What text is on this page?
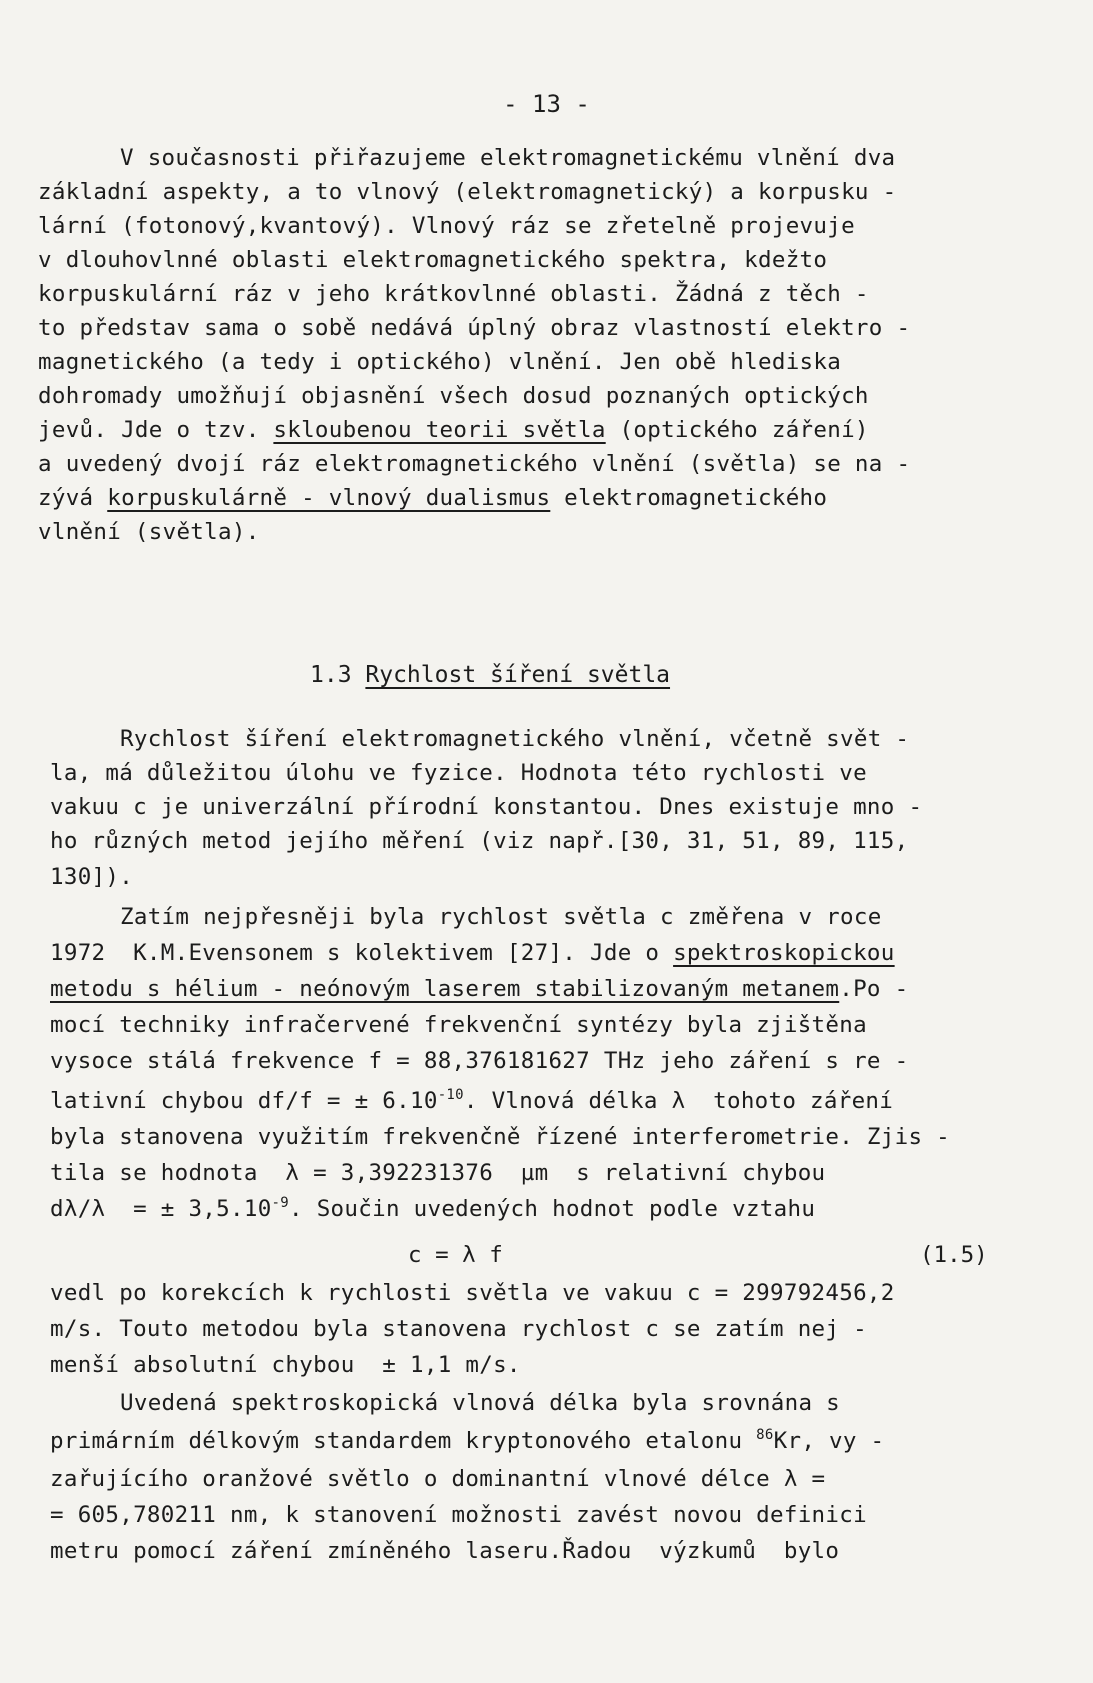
- 13 -
V současnosti přiřazujeme elektromagnetickému vlnění dva
základní aspekty, a to vlnový (elektromagnetický) a korpusku -
lární (fotonový,kvantový). Vlnový ráz se zřetelně projevuje
v dlouhovlnné oblasti elektromagnetického spektra, kdežto
korpuskulární ráz v jeho krátkovlnné oblasti. Žádná z těch -
to představ sama o sobě nedává úplný obraz vlastností elektro -
magnetického (a tedy i optického) vlnění. Jen obě hlediska
dohromady umožňují objasnění všech dosud poznaných optických
jevů. Jde o tzv. skloubenou teorii světla (optického záření)
a uvedený dvojí ráz elektromagnetického vlnění (světla) se na -
zývá korpuskulárně - vlnový dualismus elektromagnetického
vlnění (světla).
1.3 Rychlost šíření světla
Rychlost šíření elektromagnetického vlnění, včetně svět -
la, má důležitou úlohu ve fyzice. Hodnota této rychlosti ve
vakuu c je univerzální přírodní konstantou. Dnes existuje mno -
ho různých metod jejího měření (viz např.[30, 31, 51, 89, 115,
130]).
Zatím nejpřesněji byla rychlost světla c změřena v roce
1972  K.M.Evensonem s kolektivem [27]. Jde o spektroskopickou
metodu s hélium - neónovým laserem stabilizovaným metanem.Po -
mocí techniky infračervené frekvenční syntézy byla zjištěna
vysoce stálá frekvence f = 88,376181627 THz jeho záření s re -
lativní chybou df/f = ± $6.10^{-10}$. Vlnová délka λ  tohoto záření
byla stanovena využitím frekvenčně řízené interferometrie. Zjis -
tila se hodnota  λ = 3,392231376  µm  s relativní chybou
dλ/λ  = ± $3,5.10^{-9}$. Součin uvedených hodnot podle vztahu
c = λ f	(1.5)
vedl po korekcích k rychlosti světla ve vakuu c = 299792456,2
m/s. Touto metodou byla stanovena rychlost c se zatím nej -
menší absolutní chybou  ± 1,1 m/s.
Uvedená spektroskopická vlnová délka byla srovnána s
primárním délkovým standardem kryptonového etalonu $^{86}$Kr, vy -
zařujícího oranžové světlo o dominantní vlnové délce λ =
= 605,780211 nm, k stanovení možnosti zavést novou definici
metru pomocí záření zmíněného laseru.Řadou  výzkumů  bylo
